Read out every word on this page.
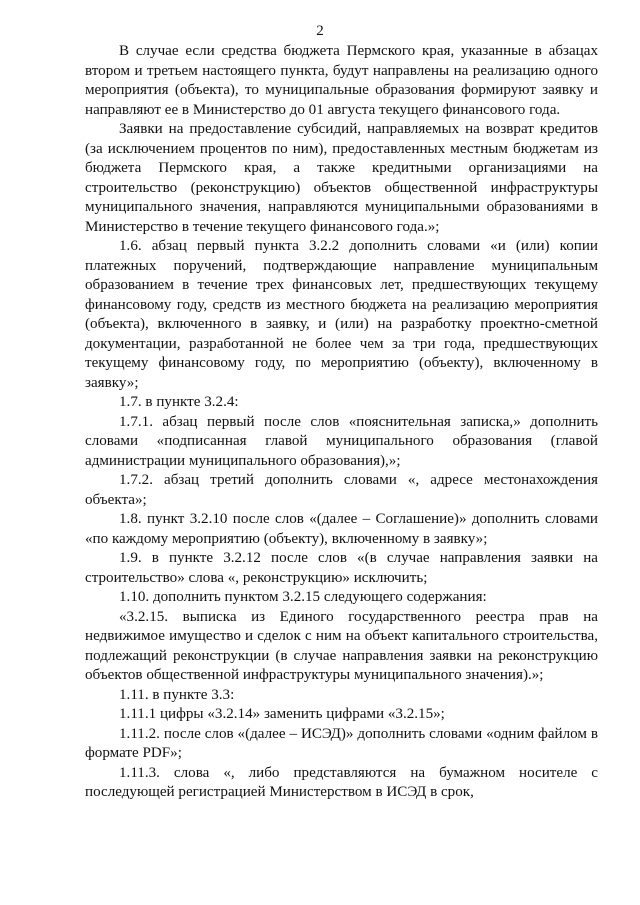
2

В случае если средства бюджета Пермского края, указанные в абзацах втором и третьем настоящего пункта, будут направлены на реализацию одного мероприятия (объекта), то муниципальные образования формируют заявку и направляют ее в Министерство до 01 августа текущего финансового года.

Заявки на предоставление субсидий, направляемых на возврат кредитов (за исключением процентов по ним), предоставленных местным бюджетам из бюджета Пермского края, а также кредитными организациями на строительство (реконструкцию) объектов общественной инфраструктуры муниципального значения, направляются муниципальными образованиями в Министерство в течение текущего финансового года.»;

1.6. абзац первый пункта 3.2.2 дополнить словами «и (или) копии платежных поручений, подтверждающие направление муниципальным образованием в течение трех финансовых лет, предшествующих текущему финансовому году, средств из местного бюджета на реализацию мероприятия (объекта), включенного в заявку, и (или) на разработку проектно-сметной документации, разработанной не более чем за три года, предшествующих текущему финансовому году, по мероприятию (объекту), включенному в заявку»;

1.7. в пункте 3.2.4:

1.7.1. абзац первый после слов «пояснительная записка,» дополнить словами «подписанная главой муниципального образования (главой администрации муниципального образования),»;

1.7.2. абзац третий дополнить словами «, адресе местонахождения объекта»;

1.8. пункт 3.2.10 после слов «(далее – Соглашение)» дополнить словами «по каждому мероприятию (объекту), включенному в заявку»;

1.9. в пункте 3.2.12 после слов «(в случае направления заявки на строительство» слова «, реконструкцию» исключить;

1.10. дополнить пунктом 3.2.15 следующего содержания:

«3.2.15. выписка из Единого государственного реестра прав на недвижимое имущество и сделок с ним на объект капитального строительства, подлежащий реконструкции (в случае направления заявки на реконструкцию объектов общественной инфраструктуры муниципального значения).»;

1.11. в пункте 3.3:

1.11.1 цифры «3.2.14» заменить цифрами «3.2.15»;

1.11.2. после слов «(далее – ИСЭД)» дополнить словами «одним файлом в формате PDF»;

1.11.3. слова «, либо представляются на бумажном носителе с последующей регистрацией Министерством в ИСЭД в срок,
